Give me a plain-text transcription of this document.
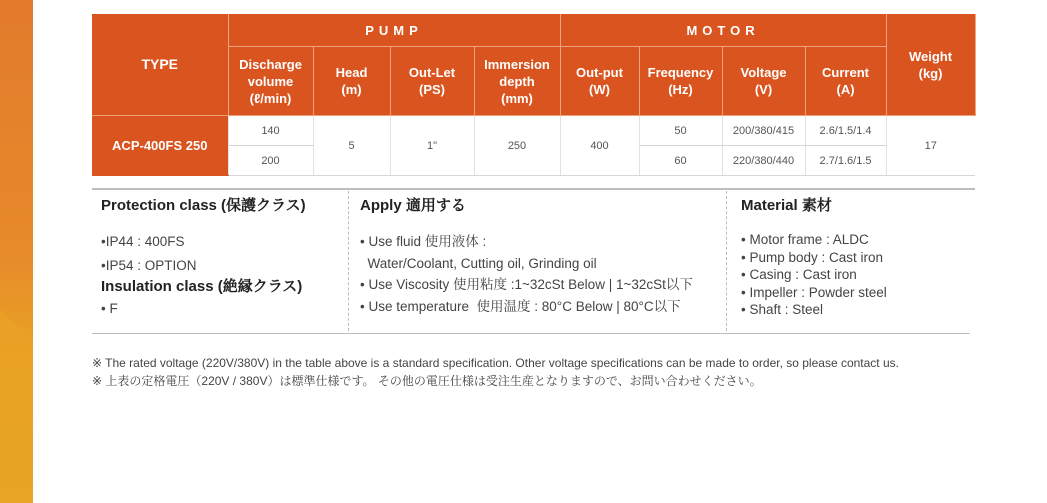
TYPE	PUMP				MOTOR				Weight
(kg)
	Discharge
volume
(ℓ/min)	Head
(m)	Out-Let
(PS)	Immersion
depth
(mm)	Out-put
(W)	Frequency
(Hz)	Voltage
(V)	Current
(A)	
ACP-400FS 250	140	5	1"	250	400	50	200/380/415	2.6/1.5/1.4	17
	200					60	220/380/440	2.7/1.6/1.5	
Protection class (保護クラス)
•IP44 : 400FS
•IP54 : OPTION
Insulation class (絶縁クラス)
• F
Apply 適用する
• Use fluid 使用液体 :
Water/Coolant, Cutting oil, Grinding oil
• Use Viscosity 使用粘度 :1~32cSt Below | 1~32cSt以下
• Use temperature  使用温度 : 80°C Below | 80°C以下
Material 素材
• Motor frame : ALDC
• Pump body : Cast iron
• Casing : Cast iron
• Impeller : Powder steel
• Shaft : Steel
※ The rated voltage (220V/380V) in the table above is a standard specification. Other voltage specifications can be made to order, so please contact us.
※ 上表の定格電圧（220V / 380V）は標準仕様です。 その他の電圧仕様は受注生産となりますので、お問い合わせください。
